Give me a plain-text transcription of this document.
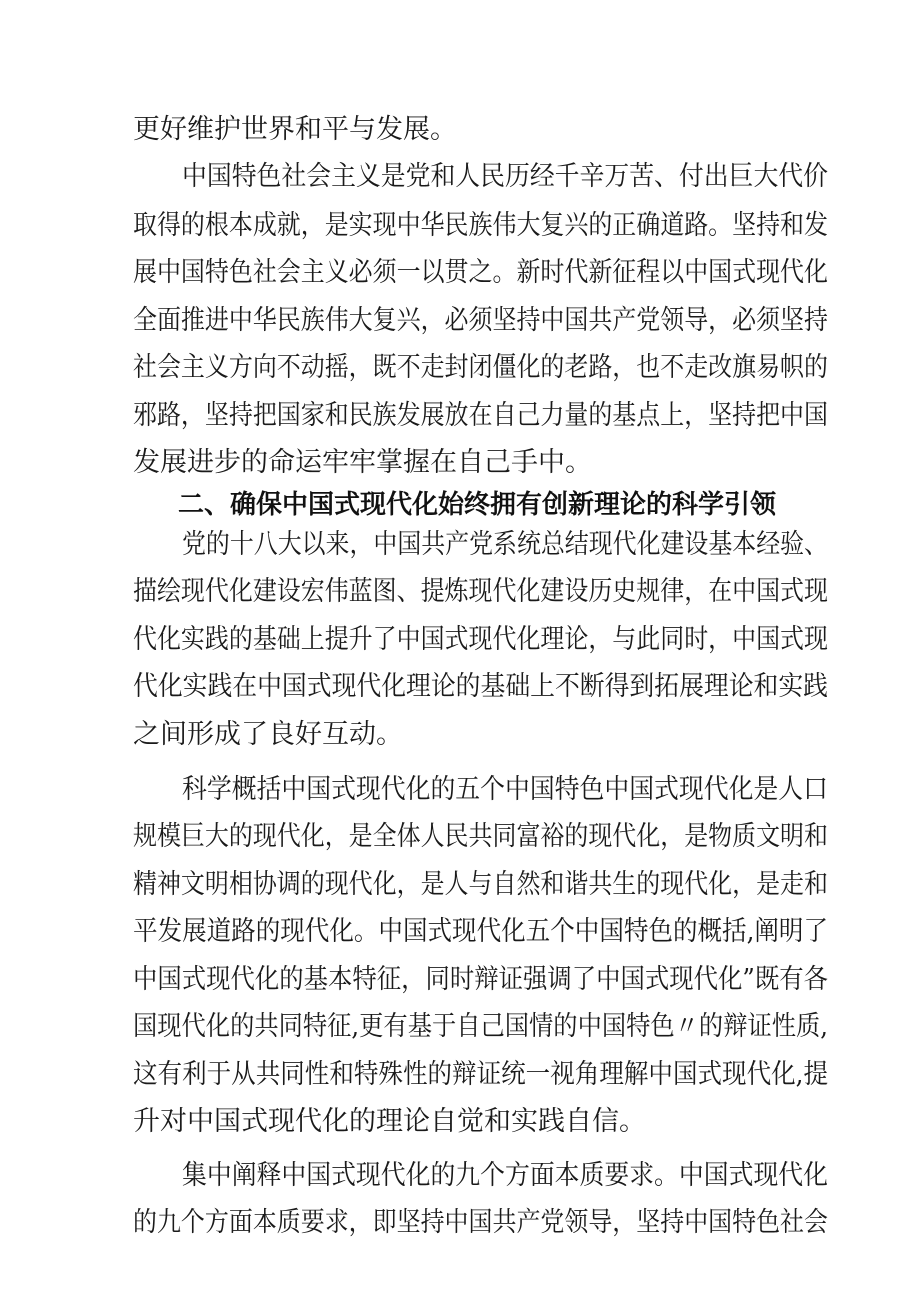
更好维护世界和平与发展。

中国特色社会主义是党和人民历经千辛万苦、付出巨大代价

取得的根本成就，是实现中华民族伟大复兴的正确道路。坚持和发

展中国特色社会主义必须一以贯之。新时代新征程以中国式现代化

全面推进中华民族伟大复兴，必须坚持中国共产党领导，必须坚持

社会主义方向不动摇，既不走封闭僵化的老路，也不走改旗易帜的

邪路，坚持把国家和民族发展放在自己力量的基点上，坚持把中国

发展进步的命运牢牢掌握在自己手中。

二、确保中国式现代化始终拥有创新理论的科学引领

党的十八大以来，中国共产党系统总结现代化建设基本经验、

描绘现代化建设宏伟蓝图、提炼现代化建设历史规律，在中国式现

代化实践的基础上提升了中国式现代化理论，与此同时，中国式现

代化实践在中国式现代化理论的基础上不断得到拓展理论和实践

之间形成了良好互动。

科学概括中国式现代化的五个中国特色中国式现代化是人口

规模巨大的现代化，是全体人民共同富裕的现代化，是物质文明和

精神文明相协调的现代化，是人与自然和谐共生的现代化，是走和

平发展道路的现代化。中国式现代化五个中国特色的概括,阐明了

中国式现代化的基本特征，同时辩证强调了中国式现代化”既有各

国现代化的共同特征,更有基于自己国情的中国特色〃的辩证性质,

这有利于从共同性和特殊性的辩证统一视角理解中国式现代化,提

升对中国式现代化的理论自觉和实践自信。

集中阐释中国式现代化的九个方面本质要求。中国式现代化

的九个方面本质要求，即坚持中国共产党领导，坚持中国特色社会
